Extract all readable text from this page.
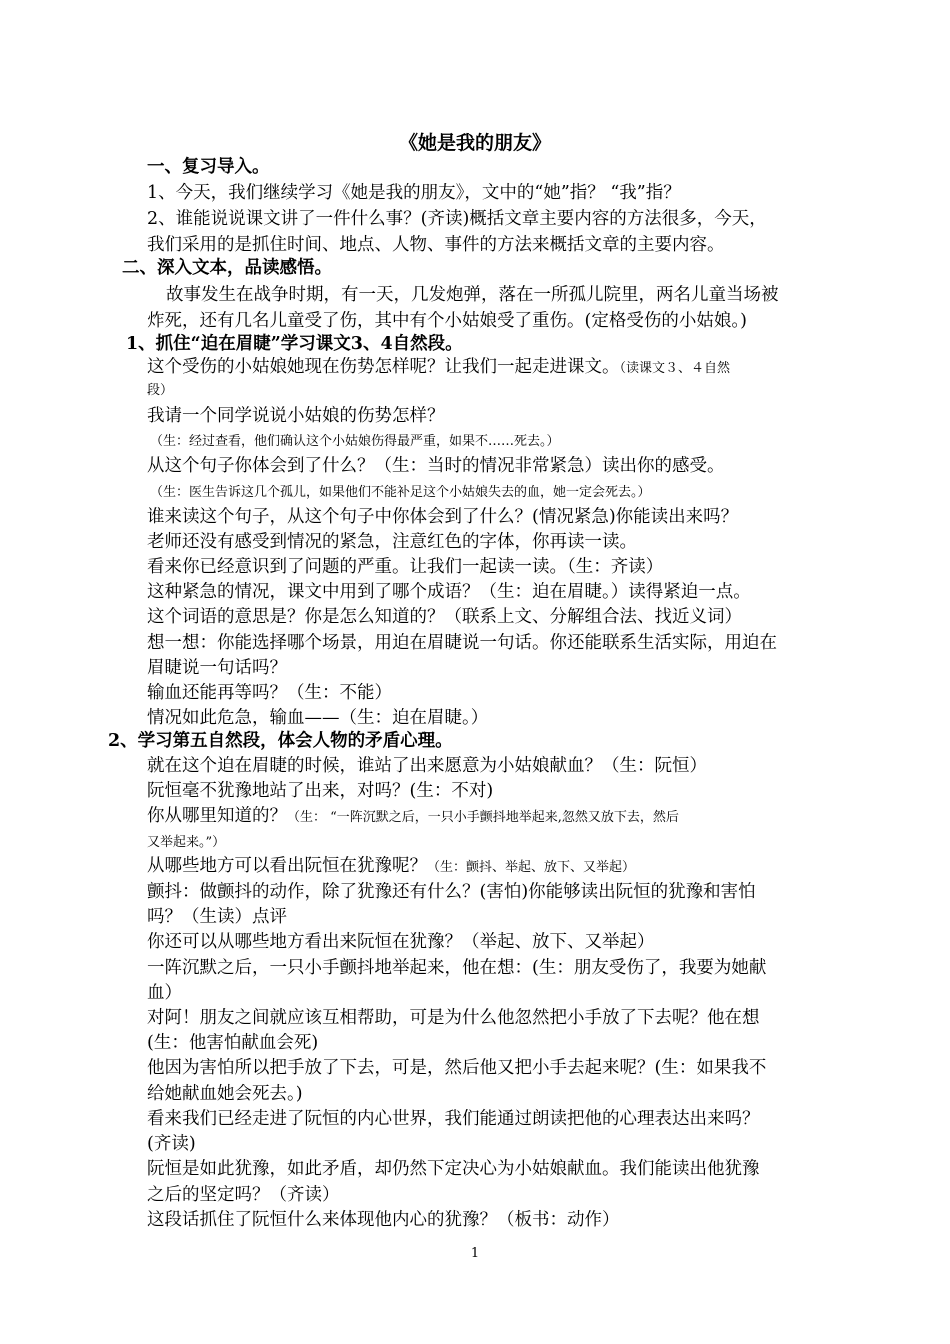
《她是我的朋友》
一、复习导入。
1、今天，我们继续学习《她是我的朋友》，文中的“她”指？ “我”指？
2、谁能说说课文讲了一件什么事？(齐读)概括文章主要内容的方法很多，今天，
我们采用的是抓住时间、地点、人物、事件的方法来概括文章的主要内容。
二、深入文本，品读感悟。
故事发生在战争时期，有一天，几发炮弹，落在一所孤儿院里，两名儿童当场被
炸死，还有几名儿童受了伤，其中有个小姑娘受了重伤。(定格受伤的小姑娘。)
1、抓住“迫在眉睫”学习课文3、4自然段。
这个受伤的小姑娘她现在伤势怎样呢？让我们一起走进课文。（读课文３、４自然
段）
我请一个同学说说小姑娘的伤势怎样？
（生：经过查看，他们确认这个小姑娘伤得最严重，如果不……死去。）
从这个句子你体会到了什么？（生：当时的情况非常紧急）读出你的感受。
（生：医生告诉这几个孤儿，如果他们不能补足这个小姑娘失去的血，她一定会死去。）
谁来读这个句子，从这个句子中你体会到了什么？(情况紧急)你能读出来吗？
老师还没有感受到情况的紧急，注意红色的字体，你再读一读。
看来你已经意识到了问题的严重。让我们一起读一读。（生：齐读）
这种紧急的情况，课文中用到了哪个成语？（生：迫在眉睫。）读得紧迫一点。
这个词语的意思是？你是怎么知道的？（联系上文、分解组合法、找近义词）
想一想：你能选择哪个场景，用迫在眉睫说一句话。你还能联系生活实际，用迫在
眉睫说一句话吗？
输血还能再等吗？（生：不能）
情况如此危急，输血——（生：迫在眉睫。）
2、学习第五自然段，体会人物的矛盾心理。
就在这个迫在眉睫的时候，谁站了出来愿意为小姑娘献血？（生：阮恒）
阮恒毫不犹豫地站了出来，对吗？(生：不对)
你从哪里知道的？（生： “一阵沉默之后，一只小手颤抖地举起来,忽然又放下去，然后
又举起来。”）
从哪些地方可以看出阮恒在犹豫呢？（生：颤抖、举起、放下、又举起）
颤抖：做颤抖的动作，除了犹豫还有什么？(害怕)你能够读出阮恒的犹豫和害怕
吗？（生读）点评
你还可以从哪些地方看出来阮恒在犹豫？（举起、放下、又举起）
一阵沉默之后，一只小手颤抖地举起来，他在想：(生：朋友受伤了，我要为她献
血）
对阿！朋友之间就应该互相帮助，可是为什么他忽然把小手放了下去呢？他在想
(生：他害怕献血会死)
他因为害怕所以把手放了下去，可是，然后他又把小手去起来呢？(生：如果我不
给她献血她会死去。)
看来我们已经走进了阮恒的内心世界，我们能通过朗读把他的心理表达出来吗？
(齐读)
阮恒是如此犹豫，如此矛盾，却仍然下定决心为小姑娘献血。我们能读出他犹豫
之后的坚定吗？（齐读）
这段话抓住了阮恒什么来体现他内心的犹豫？（板书：动作）
1
